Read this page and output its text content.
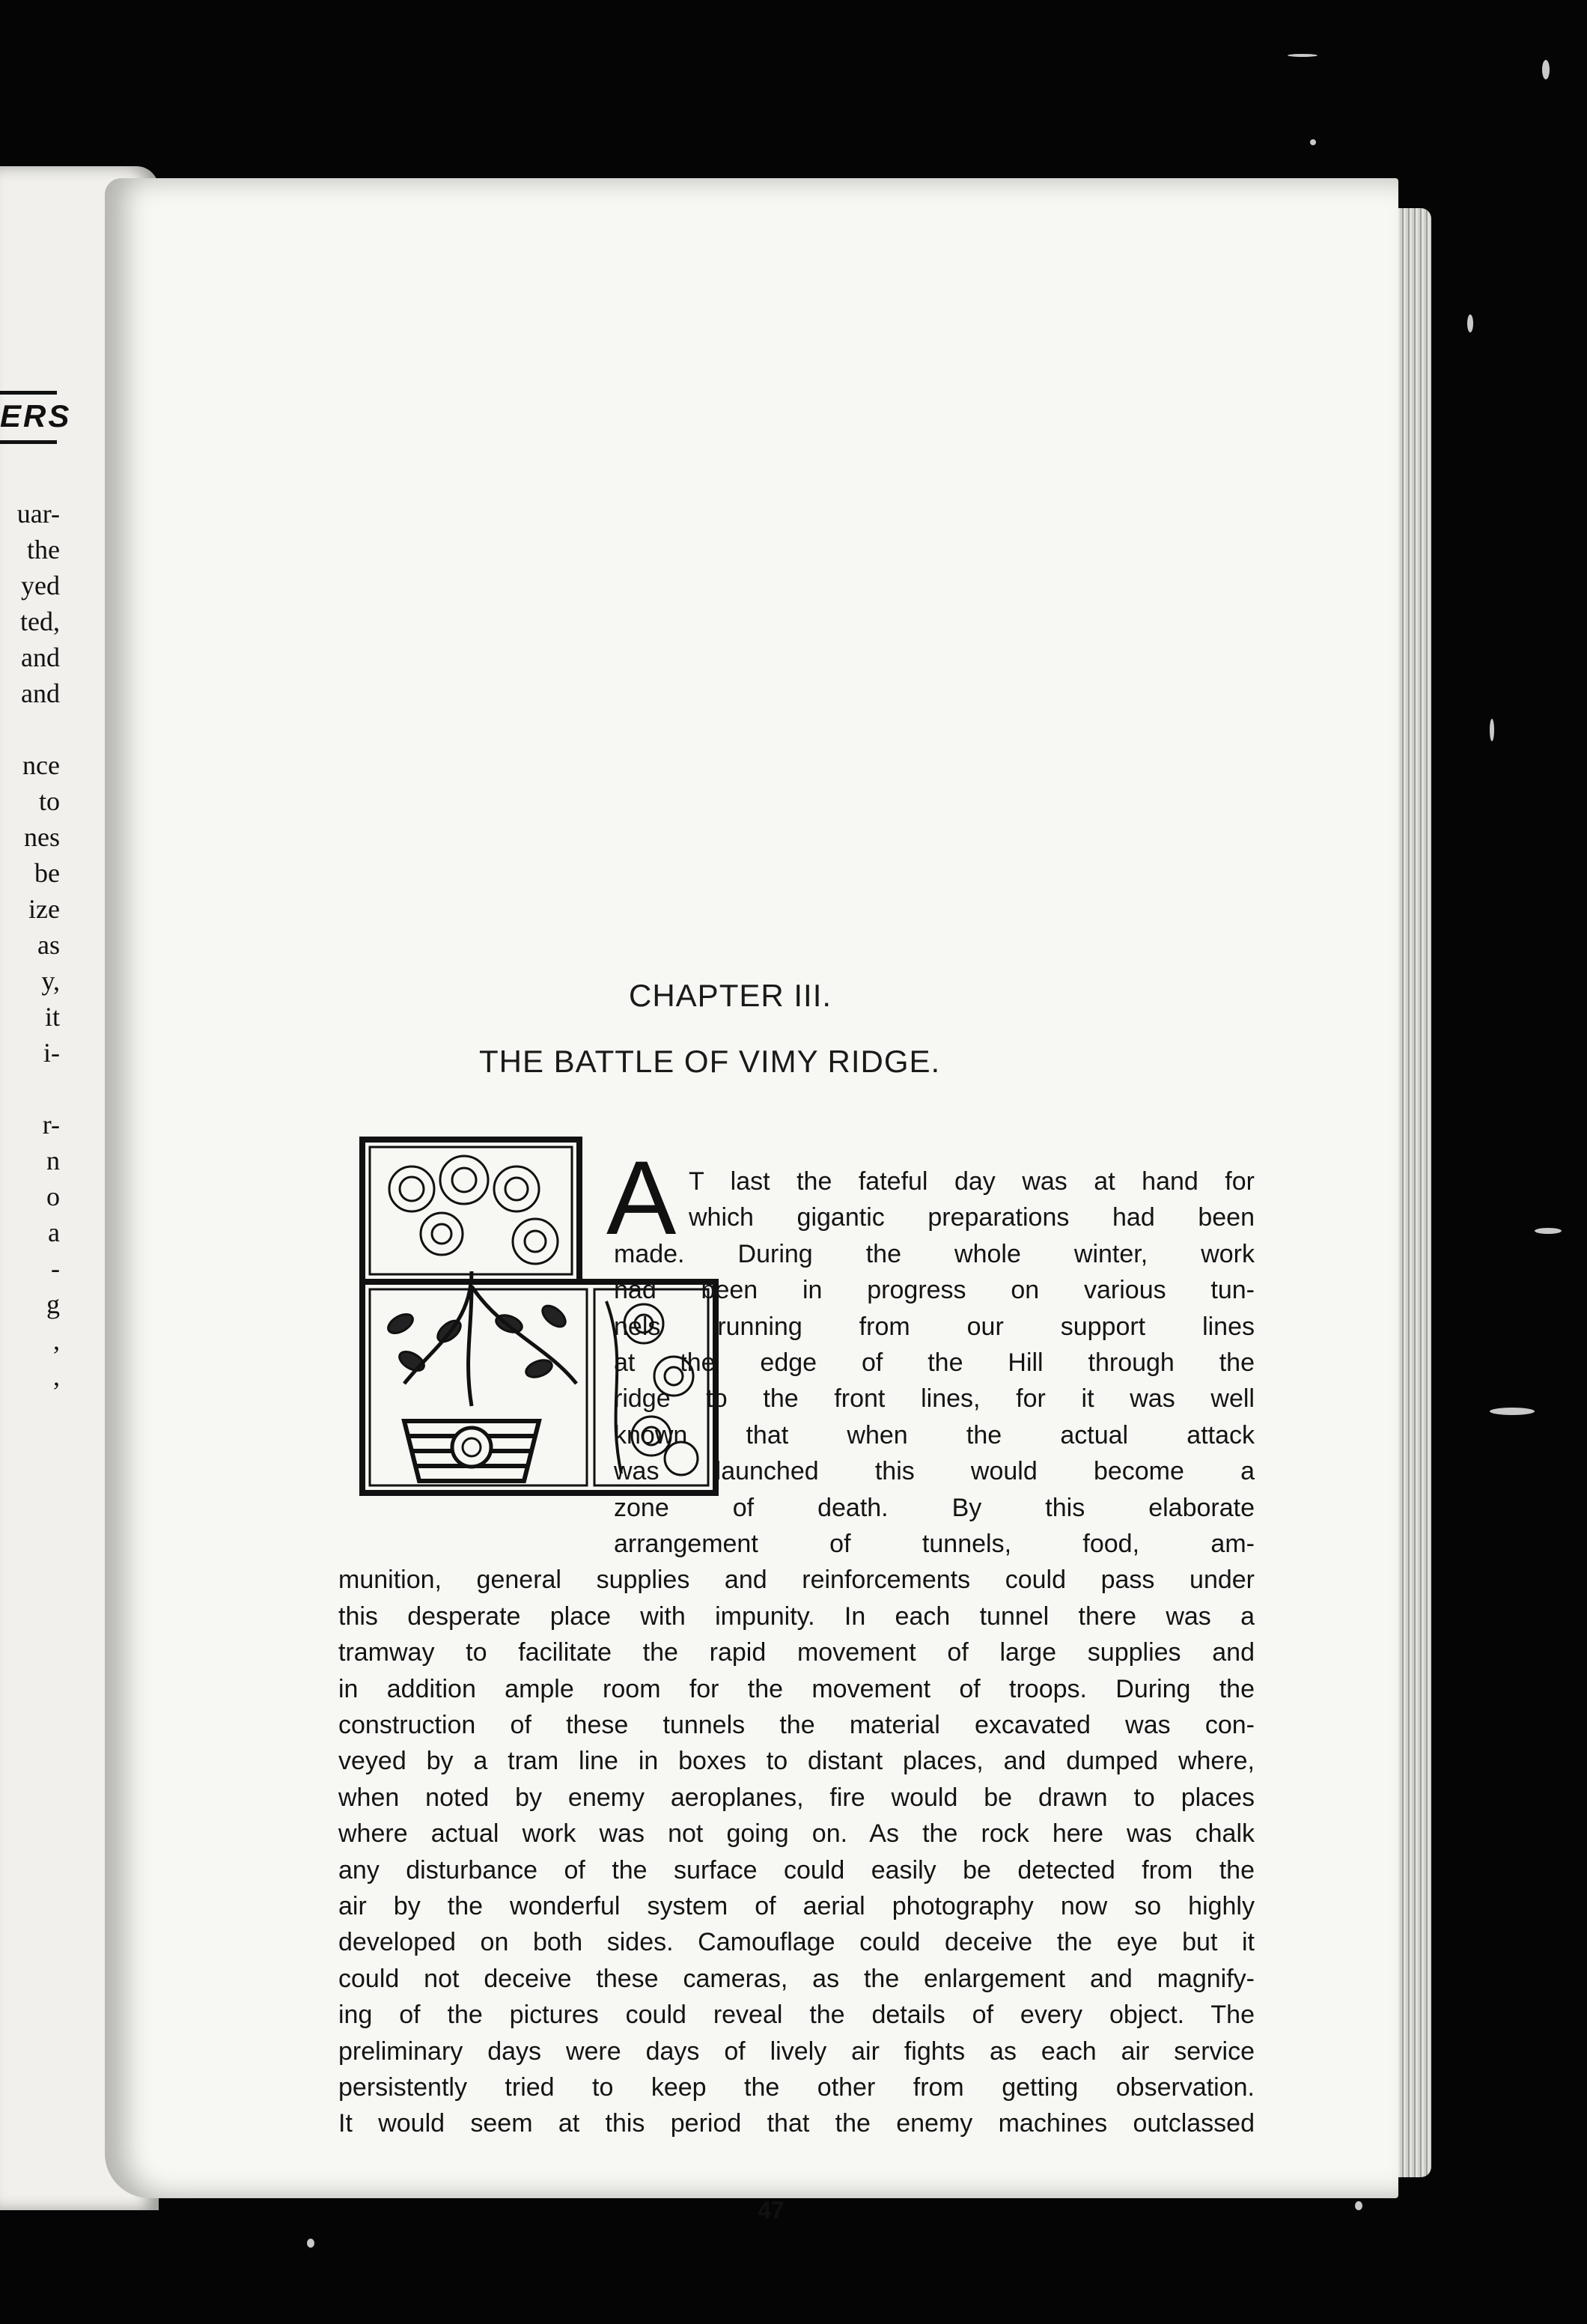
ERS
uar-
the
yed
ted,
and
and
nce
to
nes
be
ize
as
y,
it
i-
r-
n
o
a
-
g
,
,
CHAPTER III.
THE BATTLE OF VIMY RIDGE.
A T last the fateful day was at hand for
which gigantic preparations had been
made. During the whole winter, work
had been in progress on various tun-
nels running from our support lines
at the edge of the Hill through the
ridge to the front lines, for it was well
known that when the actual attack
was launched this would become a
zone of death. By this elaborate
arrangement of tunnels, food, am-
munition, general supplies and reinforcements could pass under
this desperate place with impunity. In each tunnel there was a
tramway to facilitate the rapid movement of large supplies and
in addition ample room for the movement of troops. During the
construction of these tunnels the material excavated was con-
veyed by a tram line in boxes to distant places, and dumped where,
when noted by enemy aeroplanes, fire would be drawn to places
where actual work was not going on. As the rock here was chalk
any disturbance of the surface could easily be detected from the
air by the wonderful system of aerial photography now so highly
developed on both sides. Camouflage could deceive the eye but it
could not deceive these cameras, as the enlargement and magnify-
ing of the pictures could reveal the details of every object. The
preliminary days were days of lively air fights as each air service
persistently tried to keep the other from getting observation.
It would seem at this period that the enemy machines outclassed
47
